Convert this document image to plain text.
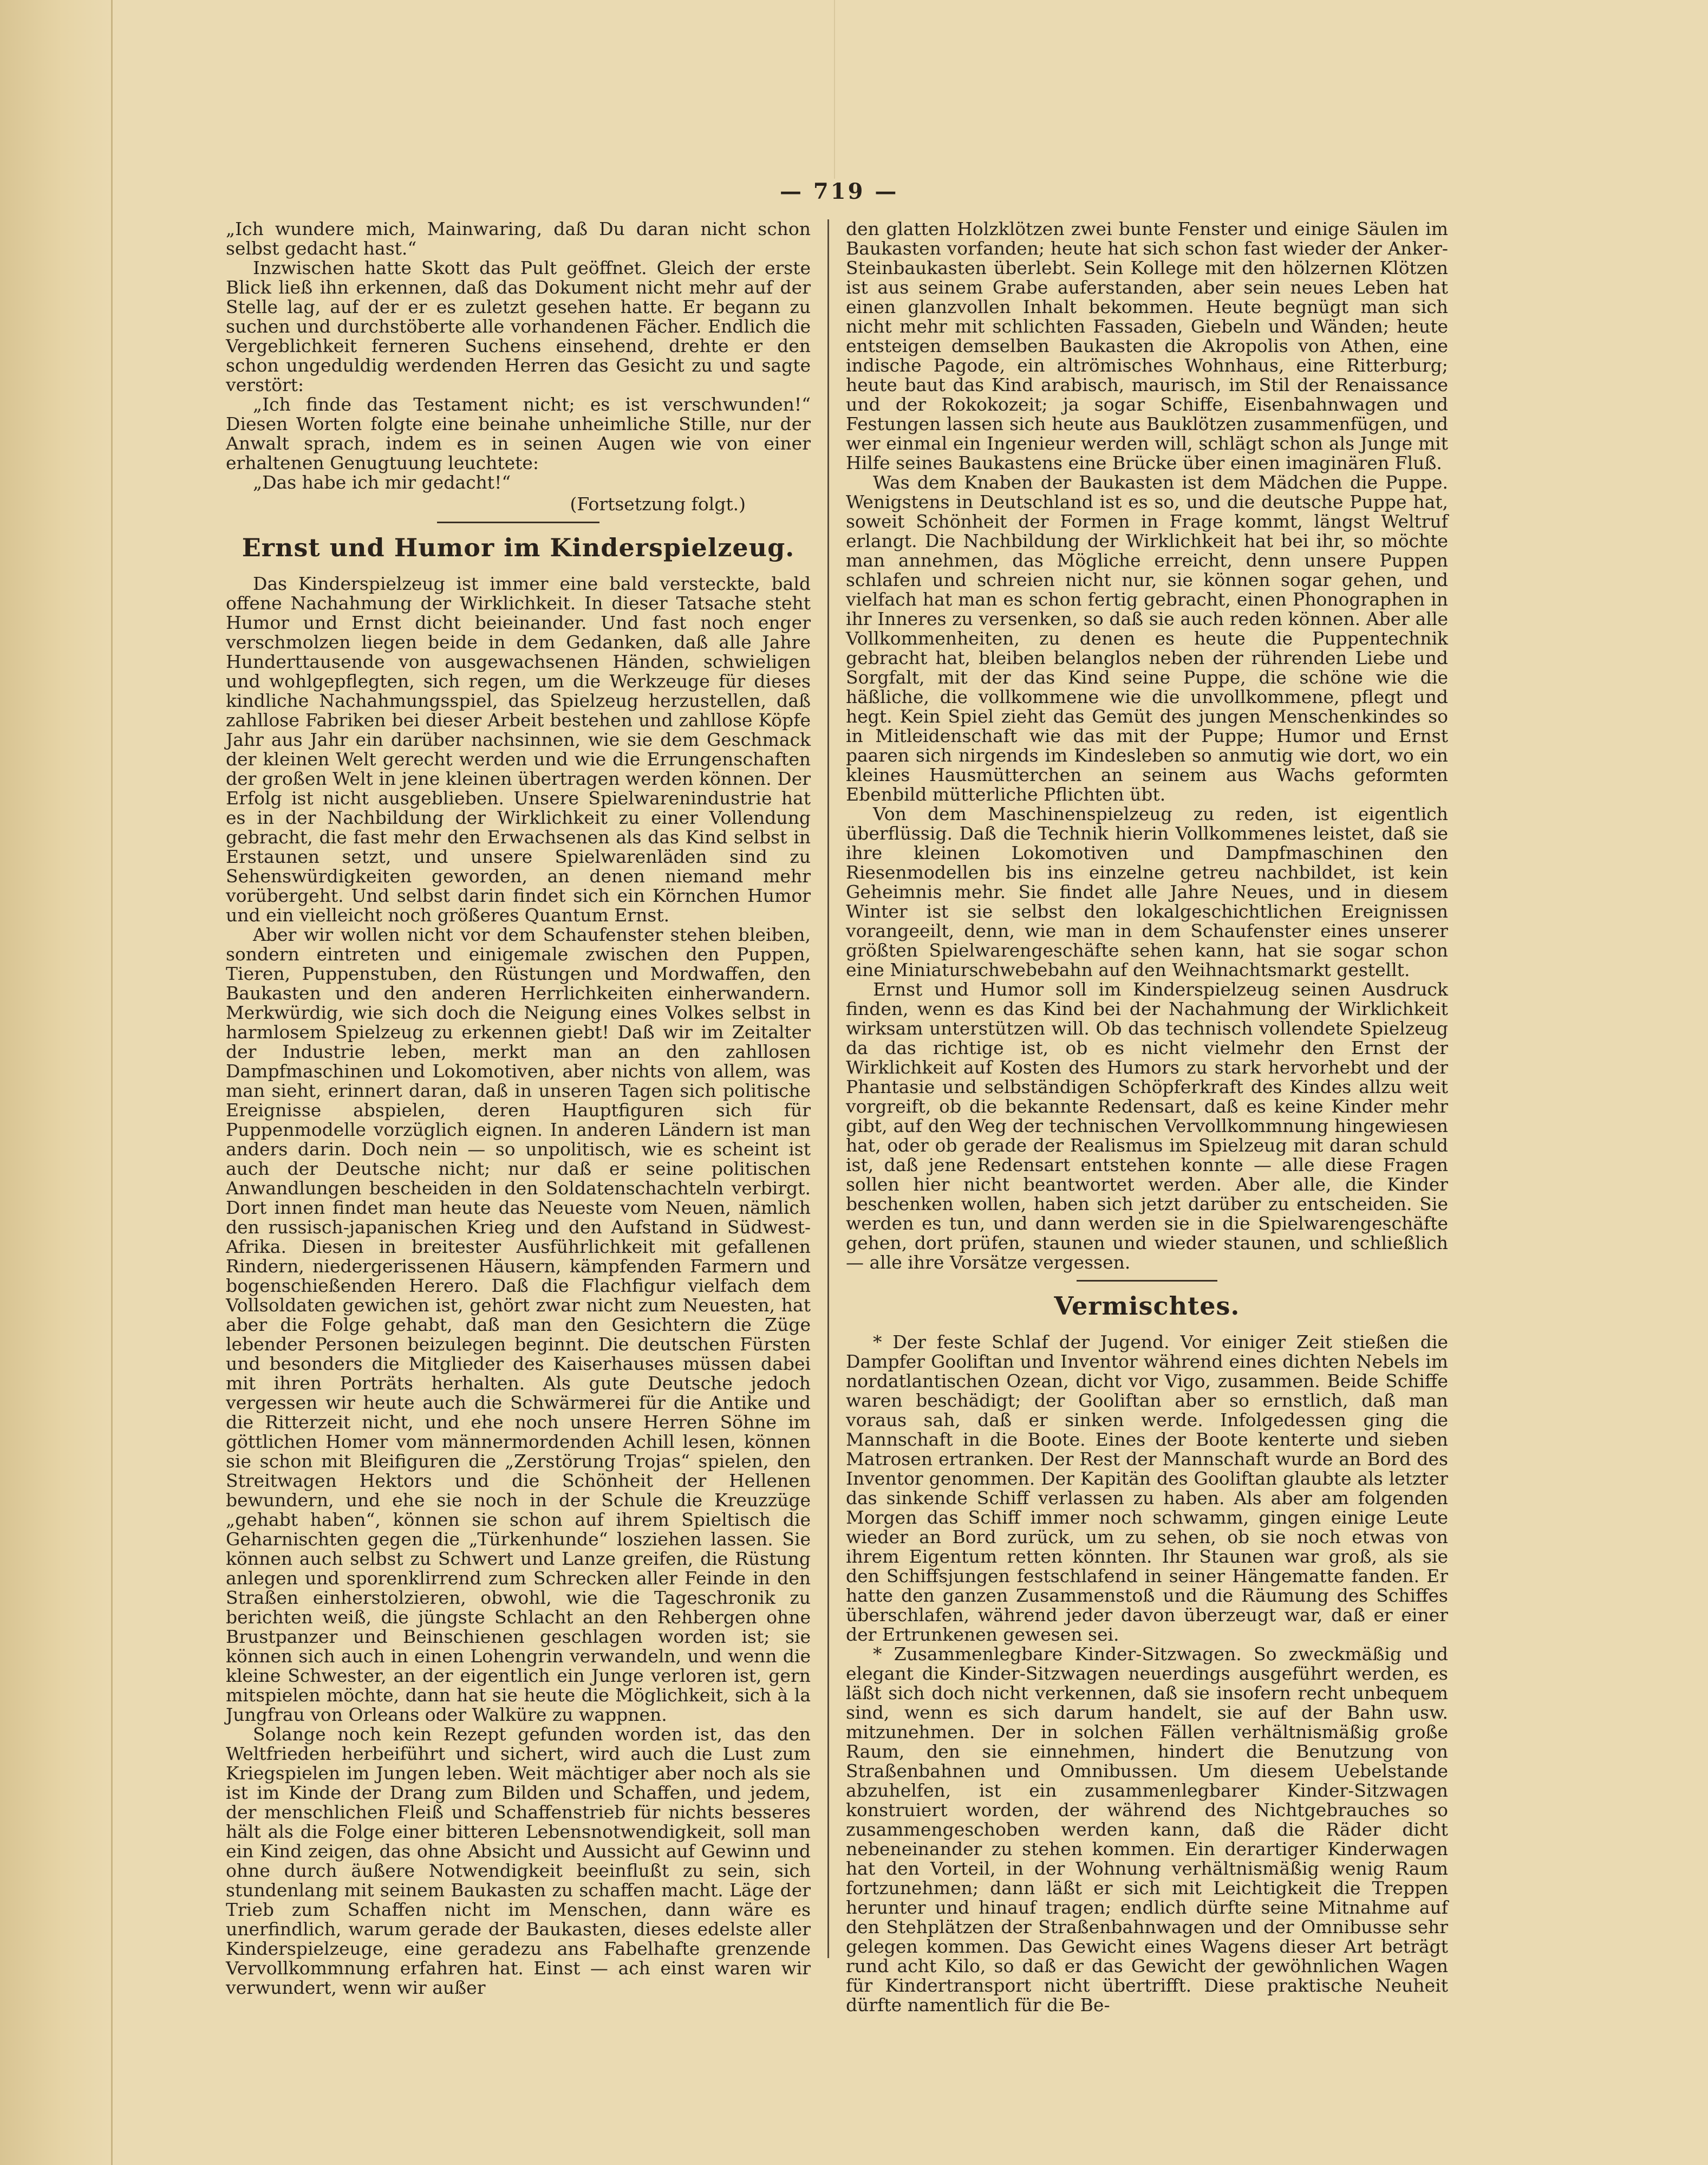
— 719 —

„Ich wundere mich, Mainwaring, daß Du daran nicht schon selbst gedacht hast.“

Inzwischen hatte Skott das Pult geöffnet. Gleich der erste Blick ließ ihn erkennen, daß das Dokument nicht mehr auf der Stelle lag, auf der er es zuletzt gesehen hatte. Er begann zu suchen und durchstöberte alle vorhandenen Fächer. Endlich die Vergeblichkeit ferneren Suchens einsehend, drehte er den schon ungeduldig werdenden Herren das Gesicht zu und sagte verstört:

„Ich finde das Testament nicht; es ist verschwunden!“ Diesen Worten folgte eine beinahe unheimliche Stille, nur der Anwalt sprach, indem es in seinen Augen wie von einer erhaltenen Genugtuung leuchtete:

„Das habe ich mir gedacht!“

(Fortsetzung folgt.)
Ernst und Humor im Kinderspielzeug.

Das Kinderspielzeug ist immer eine bald versteckte, bald offene Nachahmung der Wirklichkeit. In dieser Tatsache steht Humor und Ernst dicht beieinander. Und fast noch enger verschmolzen liegen beide in dem Gedanken, daß alle Jahre Hunderttausende von ausgewachsenen Händen, schwieligen und wohlgepflegten, sich regen, um die Werkzeuge für dieses kindliche Nachahmungsspiel, das Spielzeug herzustellen, daß zahllose Fabriken bei dieser Arbeit bestehen und zahllose Köpfe Jahr aus Jahr ein darüber nachsinnen, wie sie dem Geschmack der kleinen Welt gerecht werden und wie die Errungenschaften der großen Welt in jene kleinen übertragen werden können. Der Erfolg ist nicht ausgeblieben. Unsere Spielwarenindustrie hat es in der Nachbildung der Wirklichkeit zu einer Vollendung gebracht, die fast mehr den Erwachsenen als das Kind selbst in Erstaunen setzt, und unsere Spielwarenläden sind zu Sehenswürdigkeiten geworden, an denen niemand mehr vorübergeht. Und selbst darin findet sich ein Körnchen Humor und ein vielleicht noch größeres Quantum Ernst.

Aber wir wollen nicht vor dem Schaufenster stehen bleiben, sondern eintreten und einigemale zwischen den Puppen, Tieren, Puppenstuben, den Rüstungen und Mordwaffen, den Baukasten und den anderen Herrlichkeiten einherwandern. Merkwürdig, wie sich doch die Neigung eines Volkes selbst in harmlosem Spielzeug zu erkennen giebt! Daß wir im Zeitalter der Industrie leben, merkt man an den zahllosen Dampfmaschinen und Lokomotiven, aber nichts von allem, was man sieht, erinnert daran, daß in unseren Tagen sich politische Ereignisse abspielen, deren Hauptfiguren sich für Puppenmodelle vorzüglich eignen. In anderen Ländern ist man anders darin. Doch nein — so unpolitisch, wie es scheint ist auch der Deutsche nicht; nur daß er seine politischen Anwandlungen bescheiden in den Soldatenschachteln verbirgt. Dort innen findet man heute das Neueste vom Neuen, nämlich den russisch-japanischen Krieg und den Aufstand in Südwest-Afrika. Diesen in breitester Ausführlichkeit mit gefallenen Rindern, niedergerissenen Häusern, kämpfenden Farmern und bogenschießenden Herero. Daß die Flachfigur vielfach dem Vollsoldaten gewichen ist, gehört zwar nicht zum Neuesten, hat aber die Folge gehabt, daß man den Gesichtern die Züge lebender Personen beizulegen beginnt. Die deutschen Fürsten und besonders die Mitglieder des Kaiserhauses müssen dabei mit ihren Porträts herhalten. Als gute Deutsche jedoch vergessen wir heute auch die Schwärmerei für die Antike und die Ritterzeit nicht, und ehe noch unsere Herren Söhne im göttlichen Homer vom männermordenden Achill lesen, können sie schon mit Bleifiguren die „Zerstörung Trojas“ spielen, den Streitwagen Hektors und die Schönheit der Hellenen bewundern, und ehe sie noch in der Schule die Kreuzzüge „gehabt haben“, können sie schon auf ihrem Spieltisch die Geharnischten gegen die „Türkenhunde“ losziehen lassen. Sie können auch selbst zu Schwert und Lanze greifen, die Rüstung anlegen und sporenklirrend zum Schrecken aller Feinde in den Straßen einherstolzieren, obwohl, wie die Tageschronik zu berichten weiß, die jüngste Schlacht an den Rehbergen ohne Brustpanzer und Beinschienen geschlagen worden ist; sie können sich auch in einen Lohengrin verwandeln, und wenn die kleine Schwester, an der eigentlich ein Junge verloren ist, gern mitspielen möchte, dann hat sie heute die Möglichkeit, sich à la Jungfrau von Orleans oder Walküre zu wappnen.

Solange noch kein Rezept gefunden worden ist, das den Weltfrieden herbeiführt und sichert, wird auch die Lust zum Kriegspielen im Jungen leben. Weit mächtiger aber noch als sie ist im Kinde der Drang zum Bilden und Schaffen, und jedem, der menschlichen Fleiß und Schaffenstrieb für nichts besseres hält als die Folge einer bitteren Lebensnotwendigkeit, soll man ein Kind zeigen, das ohne Absicht und Aussicht auf Gewinn und ohne durch äußere Notwendigkeit beeinflußt zu sein, sich stundenlang mit seinem Baukasten zu schaffen macht. Läge der Trieb zum Schaffen nicht im Menschen, dann wäre es unerfindlich, warum gerade der Baukasten, dieses edelste aller Kinderspielzeuge, eine geradezu ans Fabelhafte grenzende Vervollkommnung erfahren hat. Einst — ach einst waren wir verwundert, wenn wir außer

den glatten Holzklötzen zwei bunte Fenster und einige Säulen im Baukasten vorfanden; heute hat sich schon fast wieder der Anker-Steinbaukasten überlebt. Sein Kollege mit den hölzernen Klötzen ist aus seinem Grabe auferstanden, aber sein neues Leben hat einen glanzvollen Inhalt bekommen. Heute begnügt man sich nicht mehr mit schlichten Fassaden, Giebeln und Wänden; heute entsteigen demselben Baukasten die Akropolis von Athen, eine indische Pagode, ein altrömisches Wohnhaus, eine Ritterburg; heute baut das Kind arabisch, maurisch, im Stil der Renaissance und der Rokokozeit; ja sogar Schiffe, Eisenbahnwagen und Festungen lassen sich heute aus Bauklötzen zusammenfügen, und wer einmal ein Ingenieur werden will, schlägt schon als Junge mit Hilfe seines Baukastens eine Brücke über einen imaginären Fluß.

Was dem Knaben der Baukasten ist dem Mädchen die Puppe. Wenigstens in Deutschland ist es so, und die deutsche Puppe hat, soweit Schönheit der Formen in Frage kommt, längst Weltruf erlangt. Die Nachbildung der Wirklichkeit hat bei ihr, so möchte man annehmen, das Mögliche erreicht, denn unsere Puppen schlafen und schreien nicht nur, sie können sogar gehen, und vielfach hat man es schon fertig gebracht, einen Phonographen in ihr Inneres zu versenken, so daß sie auch reden können. Aber alle Vollkommenheiten, zu denen es heute die Puppentechnik gebracht hat, bleiben belanglos neben der rührenden Liebe und Sorgfalt, mit der das Kind seine Puppe, die schöne wie die häßliche, die vollkommene wie die unvollkommene, pflegt und hegt. Kein Spiel zieht das Gemüt des jungen Menschenkindes so in Mitleidenschaft wie das mit der Puppe; Humor und Ernst paaren sich nirgends im Kindesleben so anmutig wie dort, wo ein kleines Hausmütterchen an seinem aus Wachs geformten Ebenbild mütterliche Pflichten übt.

Von dem Maschinenspielzeug zu reden, ist eigentlich überflüssig. Daß die Technik hierin Vollkommenes leistet, daß sie ihre kleinen Lokomotiven und Dampfmaschinen den Riesenmodellen bis ins einzelne getreu nachbildet, ist kein Geheimnis mehr. Sie findet alle Jahre Neues, und in diesem Winter ist sie selbst den lokalgeschichtlichen Ereignissen vorangeeilt, denn, wie man in dem Schaufenster eines unserer größten Spielwarengeschäfte sehen kann, hat sie sogar schon eine Miniaturschwebebahn auf den Weihnachtsmarkt gestellt.

Ernst und Humor soll im Kinderspielzeug seinen Ausdruck finden, wenn es das Kind bei der Nachahmung der Wirklichkeit wirksam unterstützen will. Ob das technisch vollendete Spielzeug da das richtige ist, ob es nicht vielmehr den Ernst der Wirklichkeit auf Kosten des Humors zu stark hervorhebt und der Phantasie und selbständigen Schöpferkraft des Kindes allzu weit vorgreift, ob die bekannte Redensart, daß es keine Kinder mehr gibt, auf den Weg der technischen Vervollkommnung hingewiesen hat, oder ob gerade der Realismus im Spielzeug mit daran schuld ist, daß jene Redensart entstehen konnte — alle diese Fragen sollen hier nicht beantwortet werden. Aber alle, die Kinder beschenken wollen, haben sich jetzt darüber zu entscheiden. Sie werden es tun, und dann werden sie in die Spielwarengeschäfte gehen, dort prüfen, staunen und wieder staunen, und schließlich — alle ihre Vorsätze vergessen.

Vermischtes.

* Der feste Schlaf der Jugend. Vor einiger Zeit stießen die Dampfer Gooliftan und Inventor während eines dichten Nebels im nordatlantischen Ozean, dicht vor Vigo, zusammen. Beide Schiffe waren beschädigt; der Gooliftan aber so ernstlich, daß man voraus sah, daß er sinken werde. Infolgedessen ging die Mannschaft in die Boote. Eines der Boote kenterte und sieben Matrosen ertranken. Der Rest der Mannschaft wurde an Bord des Inventor genommen. Der Kapitän des Gooliftan glaubte als letzter das sinkende Schiff verlassen zu haben. Als aber am folgenden Morgen das Schiff immer noch schwamm, gingen einige Leute wieder an Bord zurück, um zu sehen, ob sie noch etwas von ihrem Eigentum retten könnten. Ihr Staunen war groß, als sie den Schiffsjungen festschlafend in seiner Hängematte fanden. Er hatte den ganzen Zusammenstoß und die Räumung des Schiffes überschlafen, während jeder davon überzeugt war, daß er einer der Ertrunkenen gewesen sei.

* Zusammenlegbare Kinder-Sitzwagen. So zweckmäßig und elegant die Kinder-Sitzwagen neuerdings ausgeführt werden, es läßt sich doch nicht verkennen, daß sie insofern recht unbequem sind, wenn es sich darum handelt, sie auf der Bahn usw. mitzunehmen. Der in solchen Fällen verhältnismäßig große Raum, den sie einnehmen, hindert die Benutzung von Straßenbahnen und Omnibussen. Um diesem Uebelstande abzuhelfen, ist ein zusammenlegbarer Kinder-Sitzwagen konstruiert worden, der während des Nichtgebrauches so zusammengeschoben werden kann, daß die Räder dicht nebeneinander zu stehen kommen. Ein derartiger Kinderwagen hat den Vorteil, in der Wohnung verhältnismäßig wenig Raum fortzunehmen; dann läßt er sich mit Leichtigkeit die Treppen herunter und hinauf tragen; endlich dürfte seine Mitnahme auf den Stehplätzen der Straßenbahnwagen und der Omnibusse sehr gelegen kommen. Das Gewicht eines Wagens dieser Art beträgt rund acht Kilo, so daß er das Gewicht der gewöhnlichen Wagen für Kindertransport nicht übertrifft. Diese praktische Neuheit dürfte namentlich für die Be-
